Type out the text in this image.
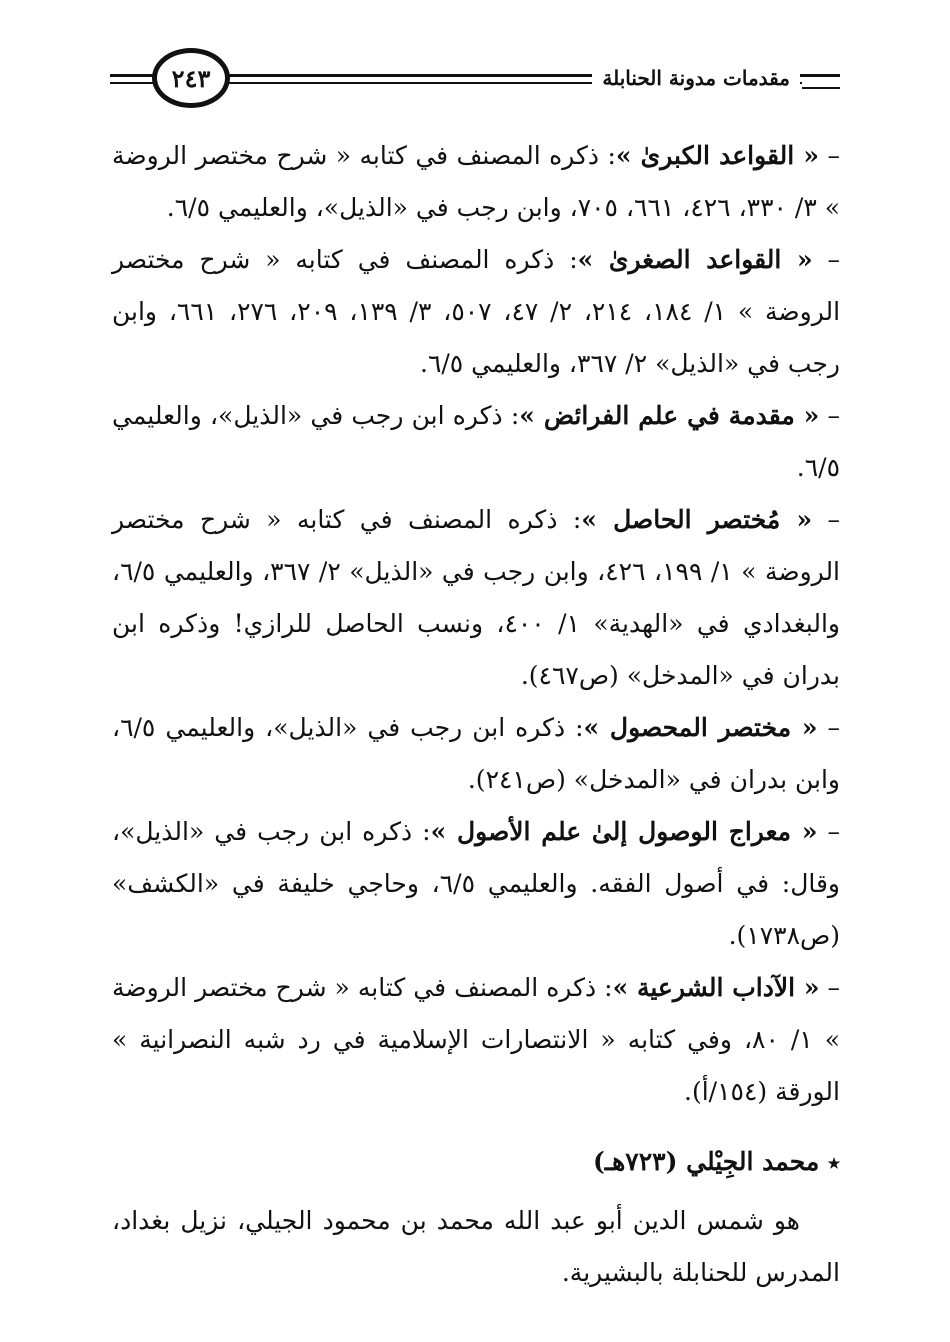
مقدمات مدونة الحنابلة
٢٤٣

– « القواعد الكبرىٰ »: ذكره المصنف في كتابه « شرح مختصر الروضة » ٣/ ٣٣٠، ٤٢٦، ٦٦١، ٧٠٥، وابن رجب في «الذيل»، والعليمي ٦/٥.

– « القواعد الصغرىٰ »: ذكره المصنف في كتابه « شرح مختصر الروضة » ١/ ١٨٤، ٢١٤، ٢/ ٤٧، ٥٠٧، ٣/ ١٣٩، ٢٠٩، ٢٧٦، ٦٦١، وابن رجب في «الذيل» ٢/ ٣٦٧، والعليمي ٦/٥.

– « مقدمة في علم الفرائض »: ذكره ابن رجب في «الذيل»، والعليمي ٦/٥.

– « مُختصر الحاصل »: ذكره المصنف في كتابه « شرح مختصر الروضة » ١/ ١٩٩، ٤٢٦، وابن رجب في «الذيل» ٢/ ٣٦٧، والعليمي ٦/٥، والبغدادي في «الهدية» ١/ ٤٠٠، ونسب الحاصل للرازي! وذكره ابن بدران في «المدخل» (ص٤٦٧).

– « مختصر المحصول »: ذكره ابن رجب في «الذيل»، والعليمي ٦/٥، وابن بدران في «المدخل» (ص٢٤١).

– « معراج الوصول إلىٰ علم الأصول »: ذكره ابن رجب في «الذيل»، وقال: في أصول الفقه. والعليمي ٦/٥، وحاجي خليفة في «الكشف» (ص١٧٣٨).

– « الآداب الشرعية »: ذكره المصنف في كتابه « شرح مختصر الروضة » ١/ ٨٠، وفي كتابه « الانتصارات الإسلامية في رد شبه النصرانية » الورقة (١٥٤/أ).

٭ محمد الجِيْلي (٧٢٣هـ)

هو شمس الدين أبو عبد الله محمد بن محمود الجيلي، نزيل بغداد، المدرس للحنابلة بالبشيرية.
